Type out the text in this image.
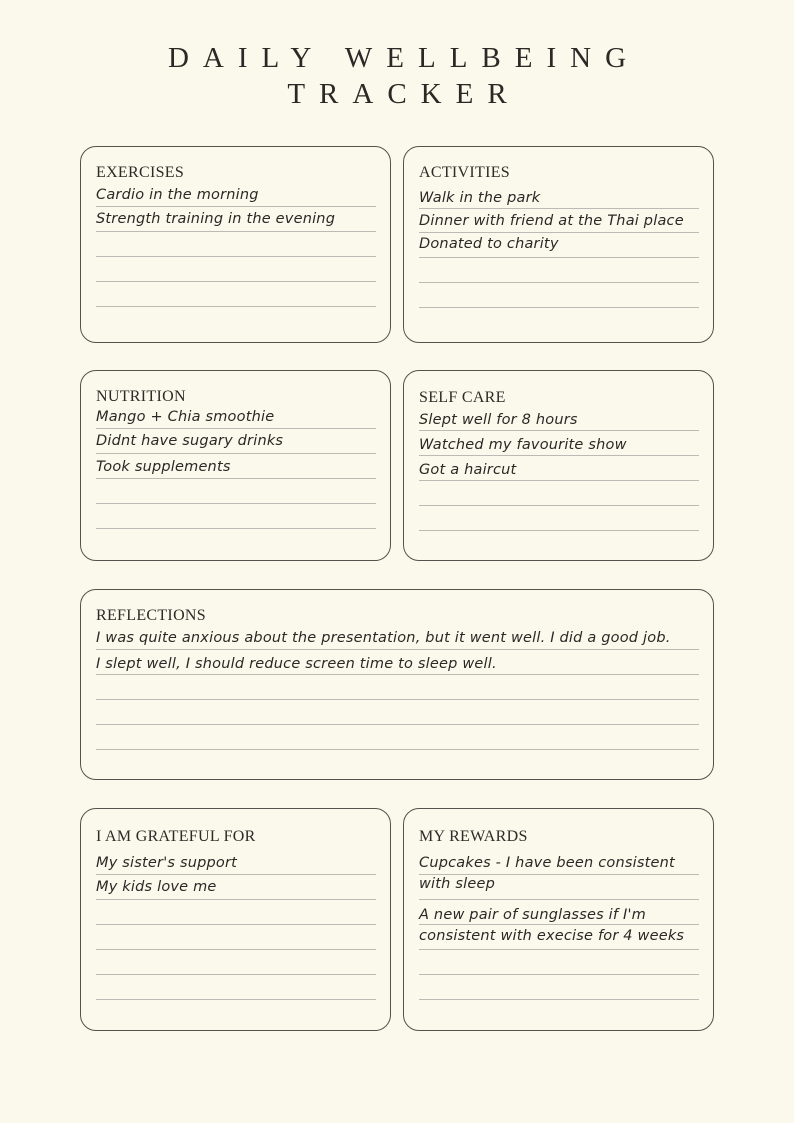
DAILY WELLBEING
TRACKER
EXERCISES
Cardio in the morning
Strength training in the evening
ACTIVITIES
Walk in the park
Dinner with friend at the Thai place
Donated to charity
NUTRITION
Mango + Chia smoothie
Didnt have sugary drinks
Took supplements
SELF CARE
Slept well for 8 hours
Watched my favourite show
Got a haircut
REFLECTIONS
I was quite anxious about the presentation, but it went well. I did a good job.
I slept well, I should reduce screen time to sleep well.
I AM GRATEFUL FOR
My sister's support
My kids love me
MY REWARDS
Cupcakes - I have been consistent with sleep
A new pair of sunglasses if I'm consistent with execise for 4 weeks
